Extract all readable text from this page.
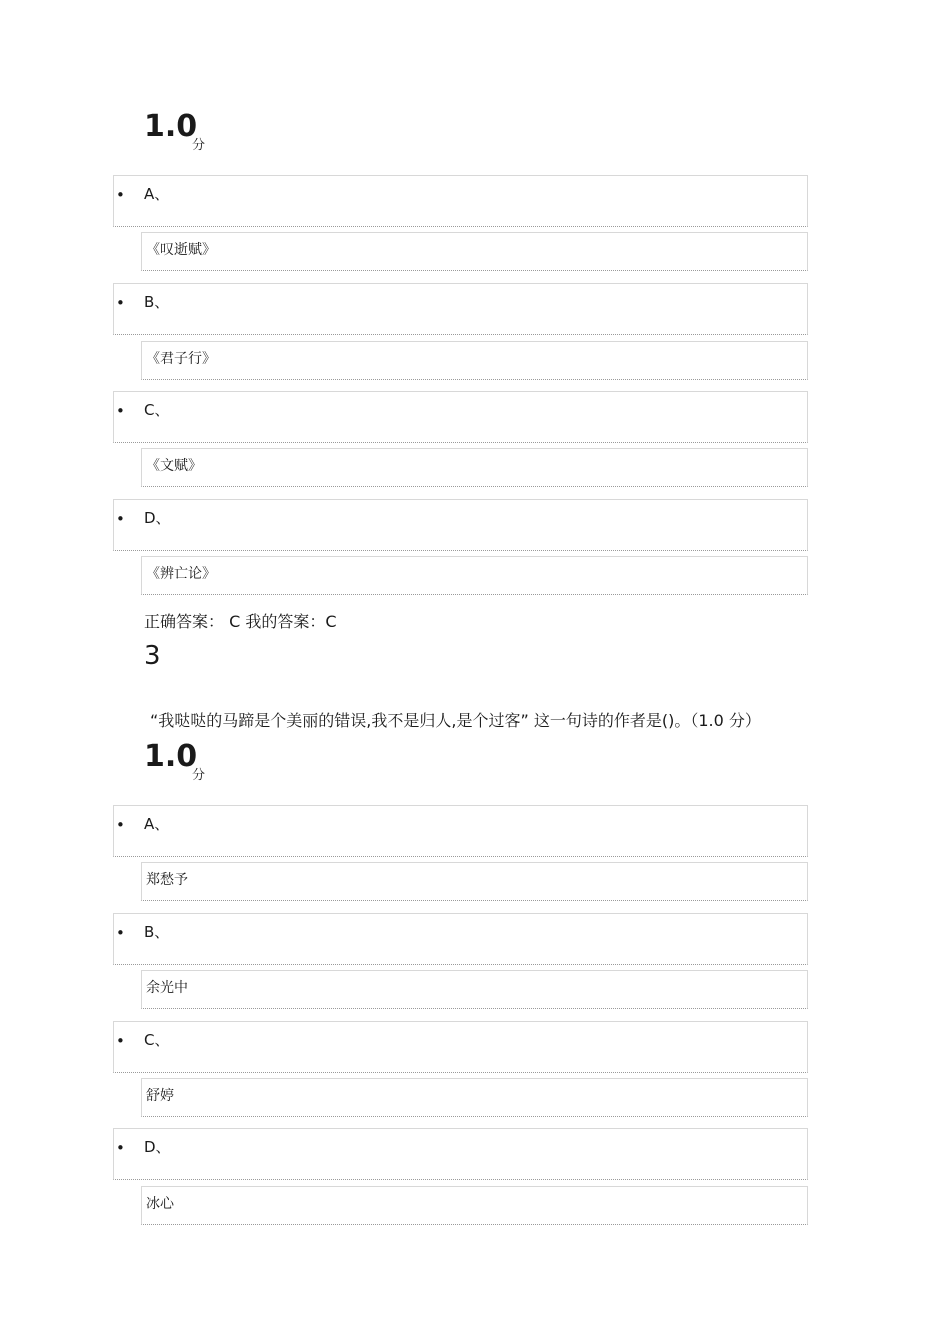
1.0
分
• A、
《叹逝赋》
• B、
《君子行》
• C、
《文赋》
• D、
《辨亡论》
正确答案： C 我的答案：C
3
“我哒哒的马蹄是个美丽的错误,我不是归人,是个过客” 这一句诗的作者是()。（1.0 分）
1.0
分
• A、
郑愁予
• B、
余光中
• C、
舒婷
• D、
冰心
